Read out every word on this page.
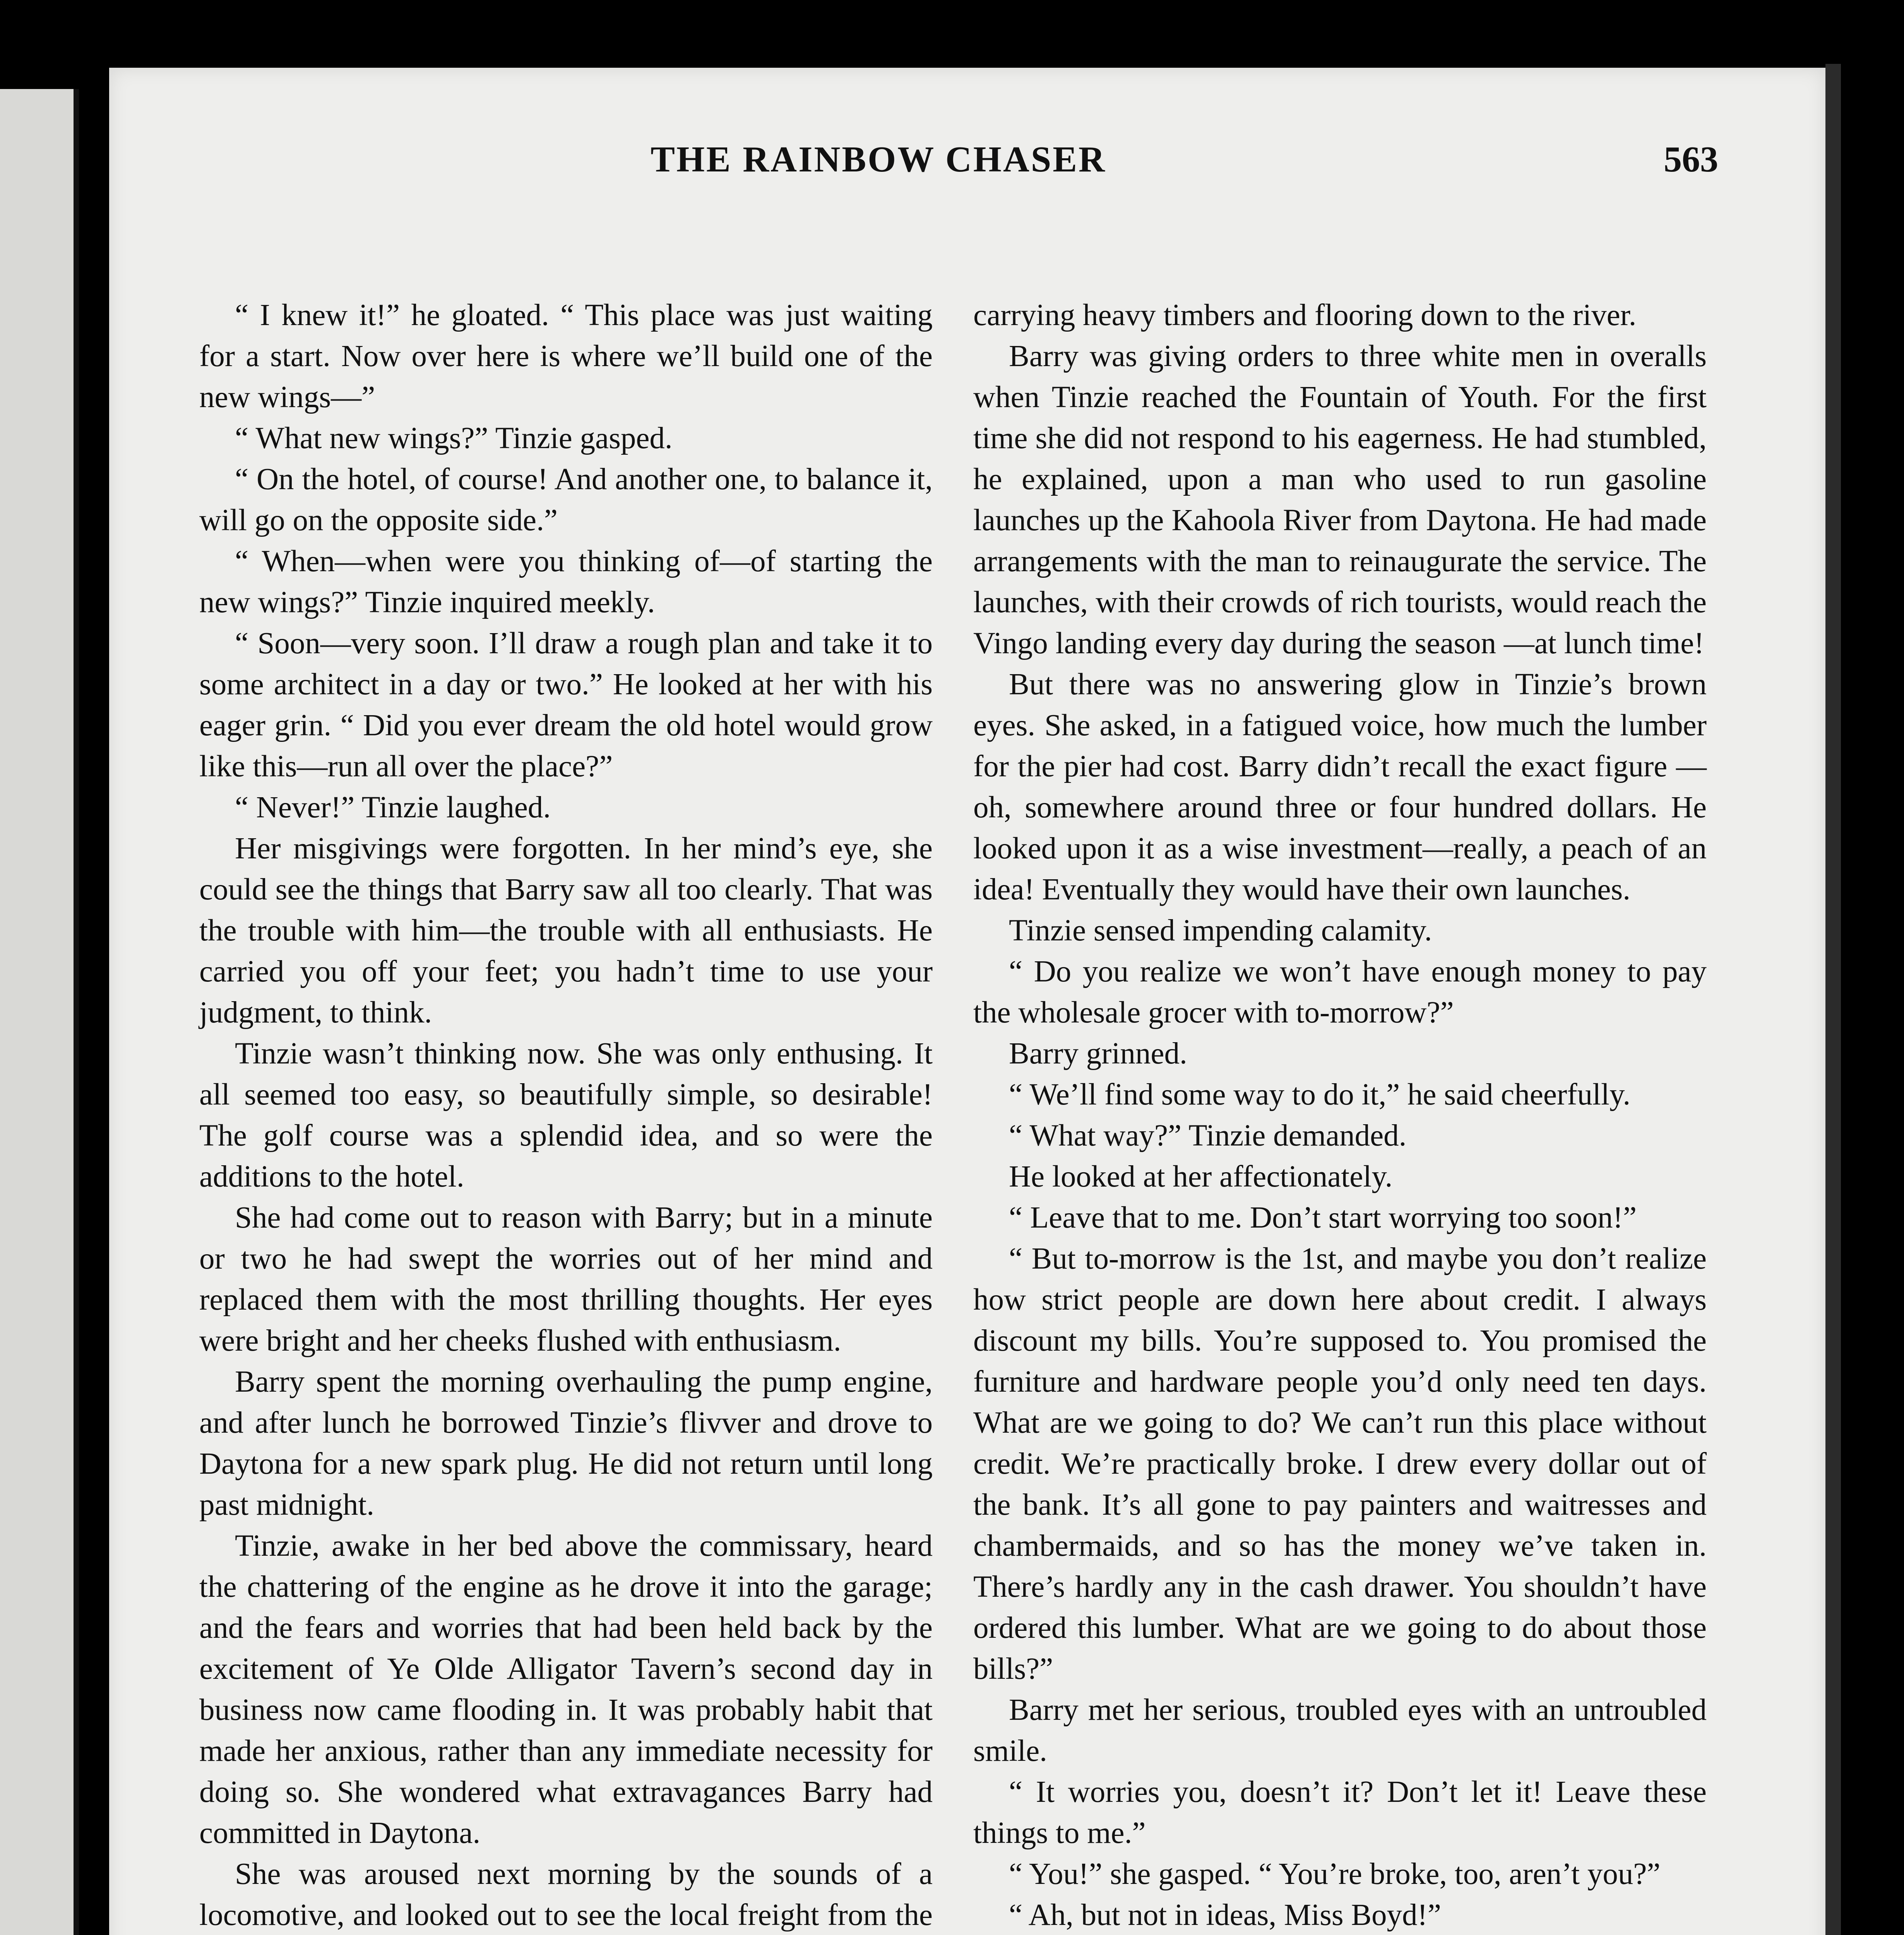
THE RAINBOW CHASER	563

“ I knew it!” he gloated. “ This place was just waiting for a start. Now over here is where we’ll build one of the new wings—”

“ What new wings?” Tinzie gasped.

“ On the hotel, of course! And another one, to balance it, will go on the opposite side.”

“ When—when were you thinking of—of starting the new wings?” Tinzie inquired meekly.

“ Soon—very soon. I’ll draw a rough plan and take it to some architect in a day or two.” He looked at her with his eager grin. “ Did you ever dream the old hotel would grow like this—run all over the place?”

“ Never!” Tinzie laughed.

Her misgivings were forgotten. In her mind’s eye, she could see the things that Barry saw all too clearly. That was the trouble with him—the trouble with all enthusiasts. He carried you off your feet; you hadn’t time to use your judgment, to think.

Tinzie wasn’t thinking now. She was only enthusing. It all seemed too easy, so beautifully simple, so desirable! The golf course was a splendid idea, and so were the additions to the hotel.

She had come out to reason with Barry; but in a minute or two he had swept the worries out of her mind and replaced them with the most thrilling thoughts. Her eyes were bright and her cheeks flushed with enthusiasm.

Barry spent the morning overhauling the pump engine, and after lunch he borrowed Tinzie’s flivver and drove to Daytona for a new spark plug. He did not return until long past midnight.

Tinzie, awake in her bed above the commissary, heard the chattering of the engine as he drove it into the garage; and the fears and worries that had been held back by the excitement of Ye Olde Alligator Tavern’s second day in business now came flooding in. It was probably habit that made her anxious, rather than any immediate necessity for doing so. She wondered what extravagances Barry had committed in Daytona.

She was aroused next morning by the sounds of a locomotive, and looked out to see the local freight from the

carrying heavy timbers and flooring down to the river.

Barry was giving orders to three white men in overalls when Tinzie reached the Fountain of Youth. For the first time she did not respond to his eagerness. He had stumbled, he explained, upon a man who used to run gasoline launches up the Kahoola River from Daytona. He had made arrangements with the man to reinaugurate the service. The launches, with their crowds of rich tourists, would reach the Vingo landing every day during the season —at lunch time!

But there was no answering glow in Tinzie’s brown eyes. She asked, in a fatigued voice, how much the lumber for the pier had cost. Barry didn’t recall the exact figure —oh, somewhere around three or four hundred dollars. He looked upon it as a wise investment—really, a peach of an idea! Eventually they would have their own launches.

Tinzie sensed impending calamity.

“ Do you realize we won’t have enough money to pay the wholesale grocer with to-morrow?”

Barry grinned.

“ We’ll find some way to do it,” he said cheerfully.

“ What way?” Tinzie demanded.

He looked at her affectionately.

“ Leave that to me. Don’t start worrying too soon!”

“ But to-morrow is the 1st, and maybe you don’t realize how strict people are down here about credit. I always discount my bills. You’re supposed to. You promised the furniture and hardware people you’d only need ten days. What are we going to do? We can’t run this place without credit. We’re practically broke. I drew every dollar out of the bank. It’s all gone to pay painters and waitresses and chambermaids, and so has the money we’ve taken in. There’s hardly any in the cash drawer. You shouldn’t have ordered this lumber. What are we going to do about those bills?”

Barry met her serious, troubled eyes with an untroubled smile.

“ It worries you, doesn’t it? Don’t let it! Leave these things to me.”

“ You!” she gasped. “ You’re broke, too, aren’t you?”

“ Ah, but not in ideas, Miss Boyd!”
